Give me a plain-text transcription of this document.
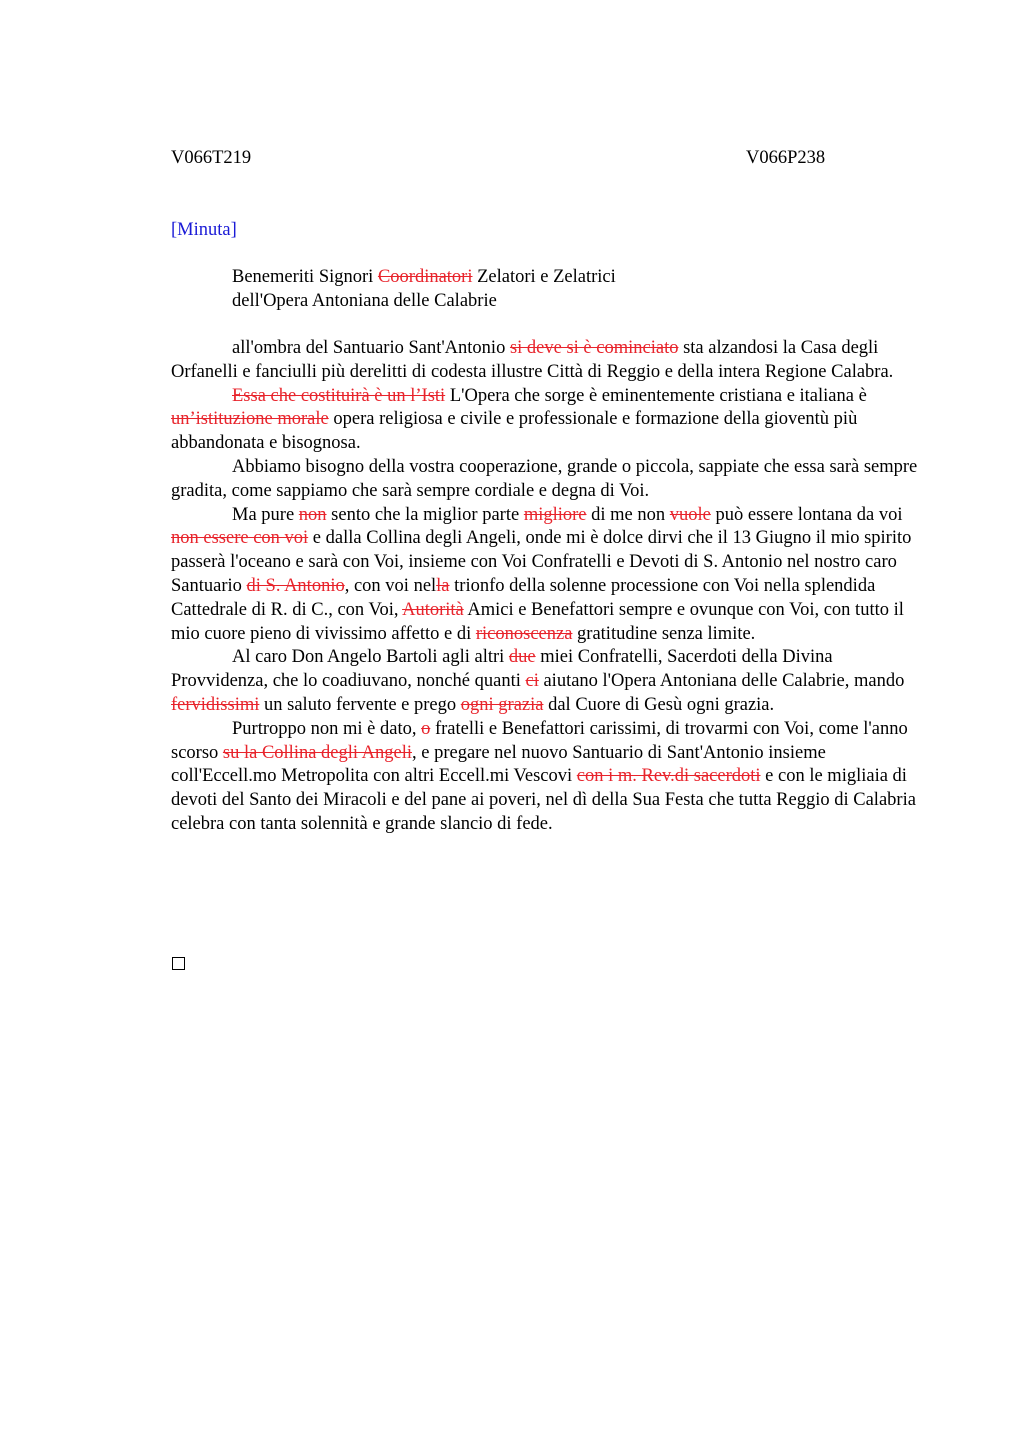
V066T219	V066P238
[Minuta]
Benemeriti Signori Coordinatori Zelatori e Zelatrici
dell'Opera Antoniana delle Calabrie

all'ombra del Santuario Sant'Antonio si deve si è cominciato sta alzandosi la Casa degli Orfanelli e fanciulli più derelitti di codesta illustre Città di Reggio e della intera Regione Calabra.

Essa che costituirà è un l’Isti L'Opera che sorge è eminentemente cristiana e italiana è un’istituzione morale opera religiosa e civile e professionale e formazione della gioventù più abbandonata e bisognosa.

Abbiamo bisogno della vostra cooperazione, grande o piccola, sappiate che essa sarà sempre gradita, come sappiamo che sarà sempre cordiale e degna di Voi.

Ma pure non sento che la miglior parte migliore di me non vuole può essere lontana da voi non essere con voi e dalla Collina degli Angeli, onde mi è dolce dirvi che il 13 Giugno il mio spirito passerà l'oceano e sarà con Voi, insieme con Voi Confratelli e Devoti di S. Antonio nel nostro caro Santuario di S. Antonio, con voi nella trionfo della solenne processione con Voi nella splendida Cattedrale di R. di C., con Voi, Autorità Amici e Benefattori sempre e ovunque con Voi, con tutto il mio cuore pieno di vivissimo affetto e di riconoscenza gratitudine senza limite.

Al caro Don Angelo Bartoli agli altri due miei Confratelli, Sacerdoti della Divina Provvidenza, che lo coadiuvano, nonché quanti ci aiutano l'Opera Antoniana delle Calabrie, mando fervidissimi un saluto fervente e prego ogni grazia dal Cuore di Gesù ogni grazia.

Purtroppo non mi è dato, o fratelli e Benefattori carissimi, di trovarmi con Voi, come l'anno scorso su la Collina degli Angeli, e pregare nel nuovo Santuario di Sant'Antonio insieme coll'Eccell.mo Metropolita con altri Eccell.mi Vescovi con i m. Rev.di sacerdoti e con le migliaia di devoti del Santo dei Miracoli e del pane ai poveri, nel dì della Sua Festa che tutta Reggio di Calabria celebra con tanta solennità e grande slancio di fede.
